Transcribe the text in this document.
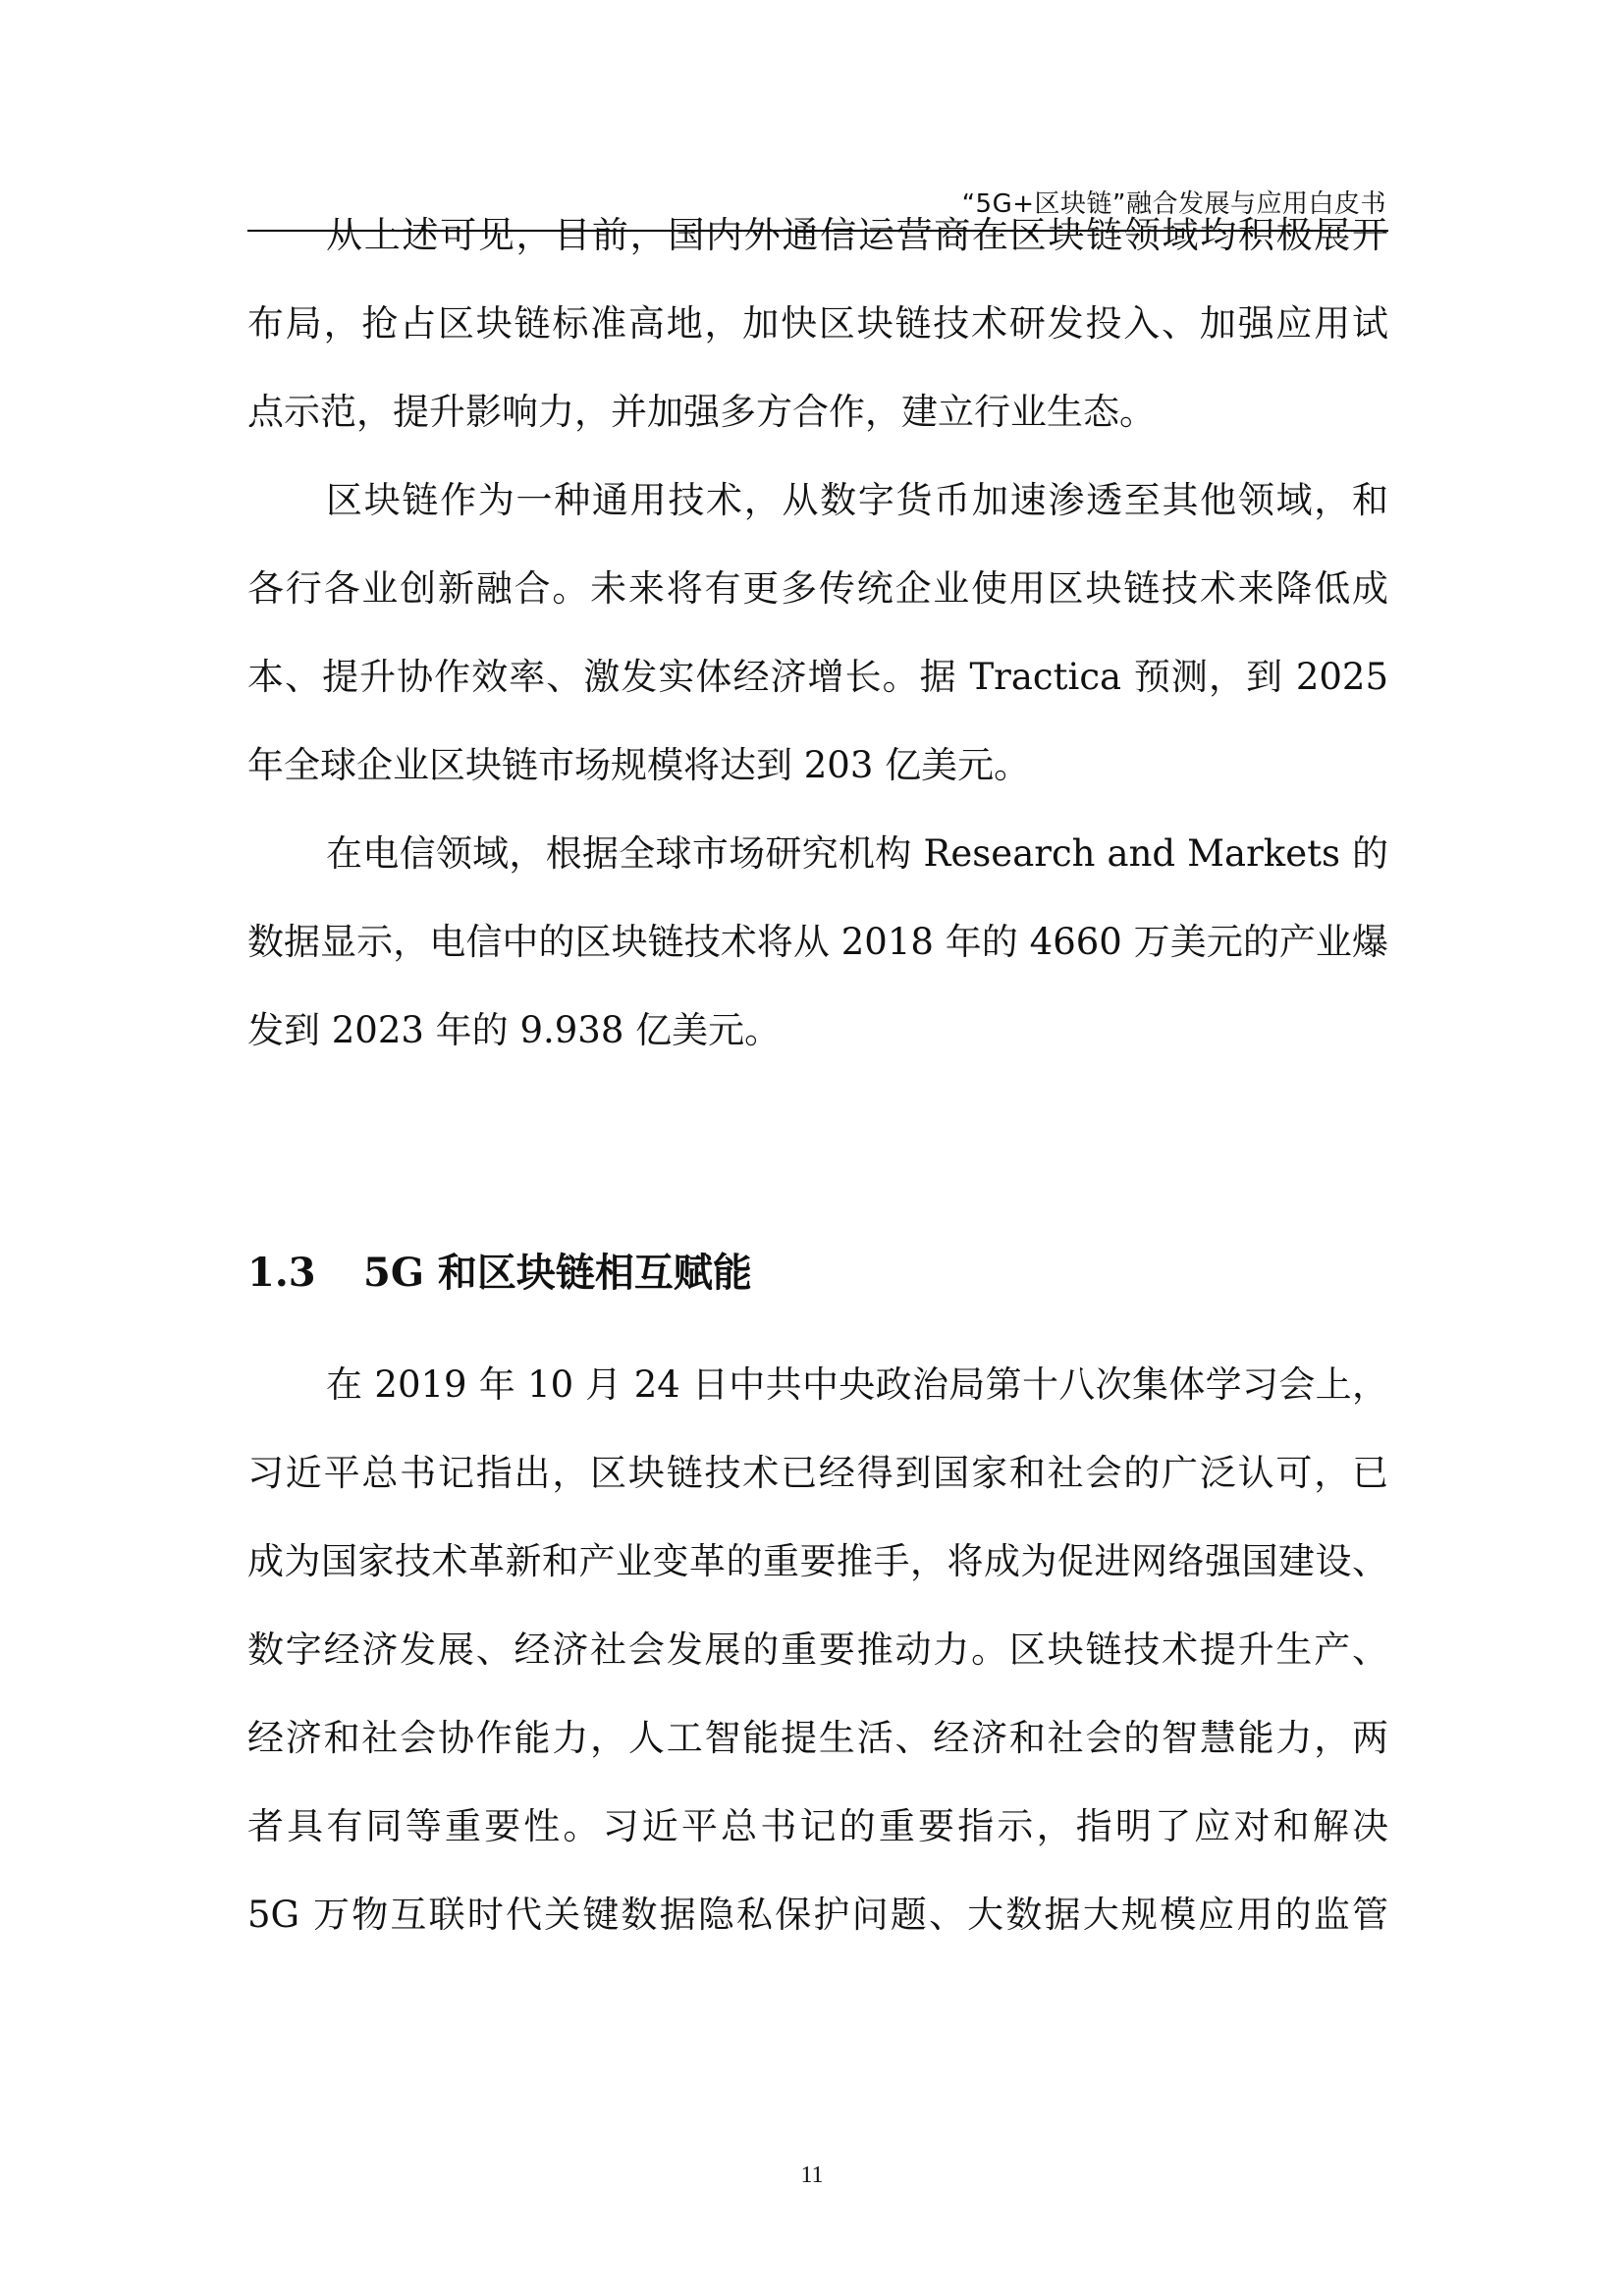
“5G+区块链”融合发展与应用白皮书
从上述可见，目前，国内外通信运营商在区块链领域均积极展开
布局，抢占区块链标准高地，加快区块链技术研发投入、加强应用试
点示范，提升影响力，并加强多方合作，建立行业生态。
区块链作为一种通用技术，从数字货币加速渗透至其他领域，和
各行各业创新融合。未来将有更多传统企业使用区块链技术来降低成
本、提升协作效率、激发实体经济增长。据 Tractica 预测，到 2025
年全球企业区块链市场规模将达到 203 亿美元。
在电信领域，根据全球市场研究机构 Research and Markets 的
数据显示，电信中的区块链技术将从 2018 年的 4660 万美元的产业爆
发到 2023 年的 9.938 亿美元。
1.3 5G 和区块链相互赋能
在 2019 年 10 月 24 日中共中央政治局第十八次集体学习会上，
习近平总书记指出，区块链技术已经得到国家和社会的广泛认可，已
成为国家技术革新和产业变革的重要推手，将成为促进网络强国建设、
数字经济发展、经济社会发展的重要推动力。区块链技术提升生产、
经济和社会协作能力，人工智能提生活、经济和社会的智慧能力，两
者具有同等重要性。习近平总书记的重要指示，指明了应对和解决
5G 万物互联时代关键数据隐私保护问题、大数据大规模应用的监管
11
